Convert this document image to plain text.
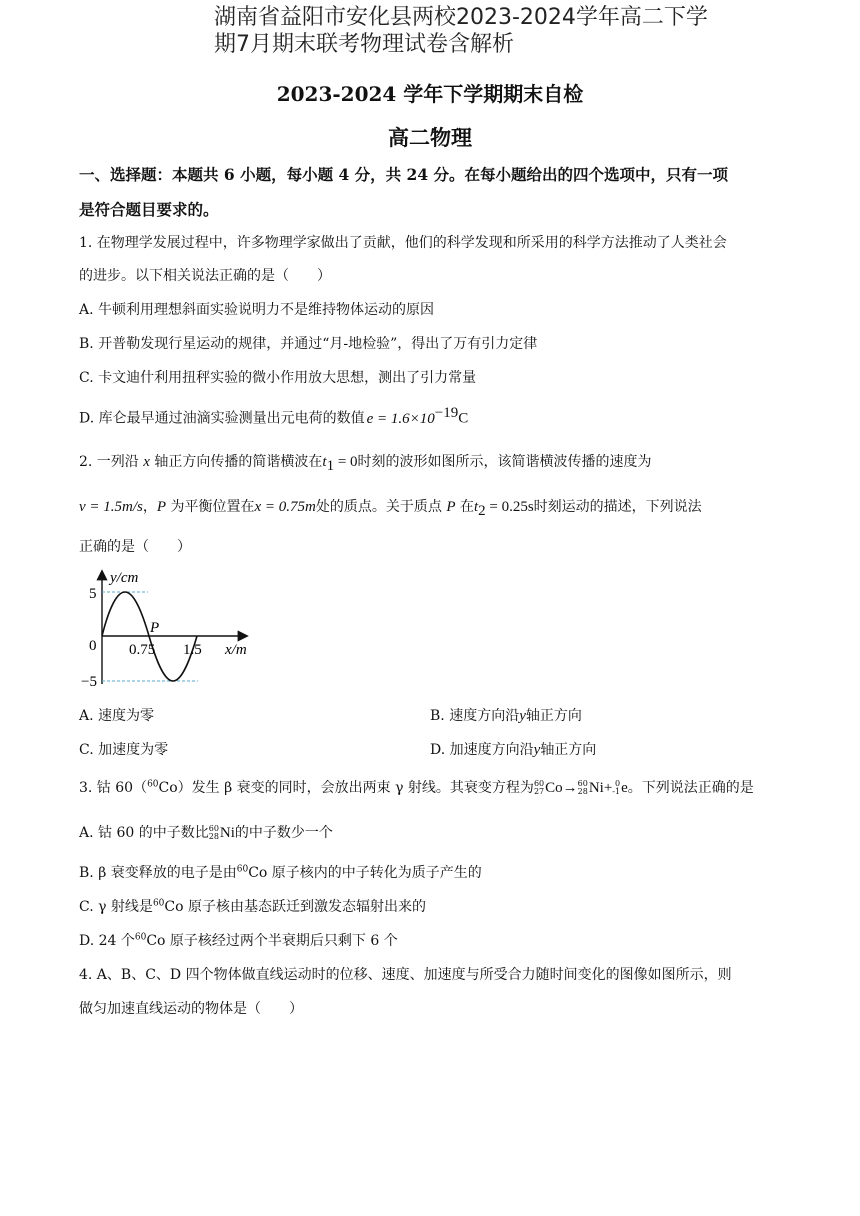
湖南省益阳市安化县两校2023-2024学年高二下学
期7月期末联考物理试卷含解析
2023-2024 学年下学期期末自检
高二物理
一、选择题：本题共 6 小题，每小题 4 分，共 24 分。在每小题给出的四个选项中，只有一项
是符合题目要求的。
1. 在物理学发展过程中，许多物理学家做出了贡献，他们的科学发现和所采用的科学方法推动了人类社会
的进步。以下相关说法正确的是（　　）
A. 牛顿利用理想斜面实验说明力不是维持物体运动的原因
B. 开普勒发现行星运动的规律，并通过“月-地检验”，得出了万有引力定律
C. 卡文迪什利用扭秤实验的微小作用放大思想，测出了引力常量
D. 库仑最早通过油滴实验测量出元电荷的数值 $e = 1.6\times 10^{-19}C$
2. 一列沿 x 轴正方向传播的简谐横波在$t_1 = 0$时刻的波形如图所示，该简谐横波传播的速度为
v = 1.5m/s，P 为平衡位置在x = 0.75m处的质点。关于质点 P 在$t_2 = 0.25s$时刻运动的描述，下列说法
正确的是（　　）
y/cm
x/m
5
−5
0 0.75 1.5
P
A. 速度为零	B. 速度方向沿y轴正方向
C. 加速度为零	D. 加速度方向沿y轴正方向
3. 钴 60（$^{60}$Co）发生 β 衰变的同时，会放出两束 γ 射线。其衰变方程为60
27Co→60
28Ni+ 0
-1e。下列说法正确的是
A. 钴 60 的中子数比60
28Ni的中子数少一个
B. β 衰变释放的电子是由$^{60}$Co 原子核内的中子转化为质子产生的
C. γ 射线是$^{60}$Co 原子核由基态跃迁到激发态辐射出来的
D. 24 个$^{60}$Co 原子核经过两个半衰期后只剩下 6 个
4. A、B、C、D 四个物体做直线运动时的位移、速度、加速度与所受合力随时间变化的图像如图所示，则
做匀加速直线运动的物体是（　　）
